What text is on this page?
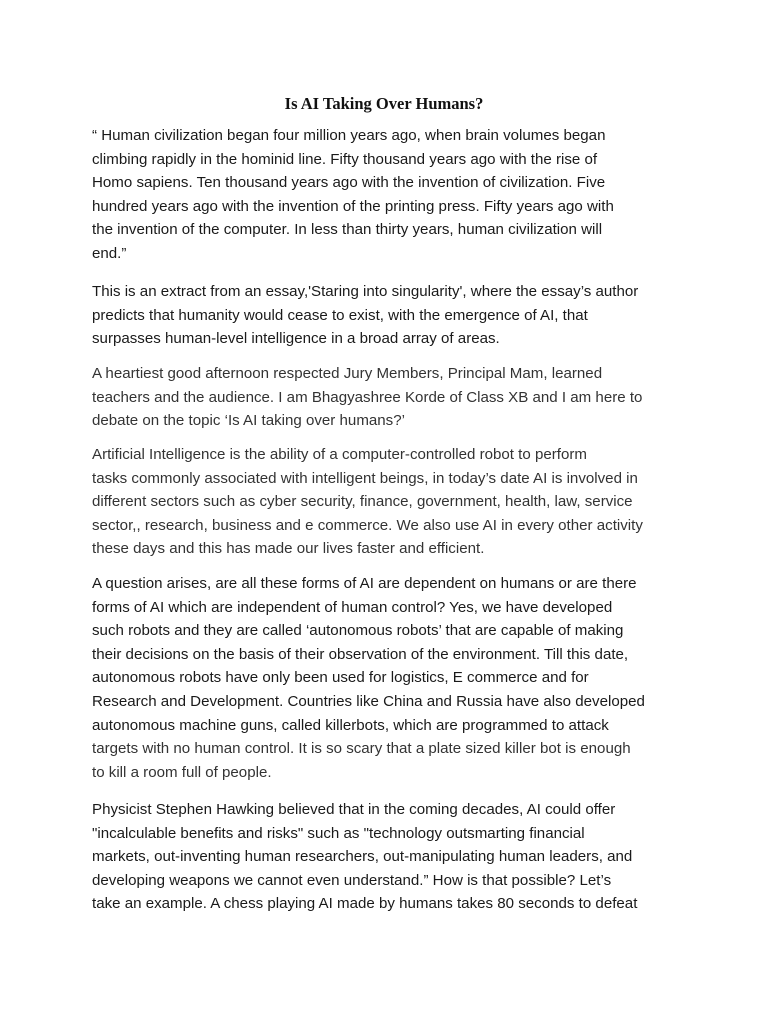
Is AI Taking Over Humans?

“ Human civilization began four million years ago, when brain volumes began
climbing rapidly in the hominid line. Fifty thousand years ago with the rise of
Homo sapiens. Ten thousand years ago with the invention of civilization. Five
hundred years ago with the invention of the printing press. Fifty years ago with
the invention of the computer. In less than thirty years, human civilization will
end.”

This is an extract from an essay,'Staring into singularity', where the essay’s author
predicts that humanity would cease to exist, with the emergence of AI, that
surpasses human-level intelligence in a broad array of areas.

A heartiest good afternoon respected Jury Members, Principal Mam, learned
teachers and the audience. I am Bhagyashree Korde of Class XB and I am here to
debate on the topic ‘Is AI taking over humans?’

Artificial Intelligence is the ability of a computer-controlled robot to perform
tasks commonly associated with intelligent beings, in today’s date AI is involved in
different sectors such as cyber security, finance, government, health, law, service
sector,, research, business and e commerce. We also use AI in every other activity
these days and this has made our lives faster and efficient.

A question arises, are all these forms of AI are dependent on humans or are there
forms of AI which are independent of human control? Yes, we have developed
such robots and they are called ‘autonomous robots’ that are capable of making
their decisions on the basis of their observation of the environment. Till this date,
autonomous robots have only been used for logistics, E commerce and for
Research and Development. Countries like China and Russia have also developed
autonomous machine guns, called killerbots, which are programmed to attack
targets with no human control. It is so scary that a plate sized killer bot is enough
to kill a room full of people.

Physicist Stephen Hawking believed that in the coming decades, AI could offer
"incalculable benefits and risks" such as "technology outsmarting financial
markets, out-inventing human researchers, out-manipulating human leaders, and
developing weapons we cannot even understand.” How is that possible? Let’s
take an example. A chess playing AI made by humans takes 80 seconds to defeat
